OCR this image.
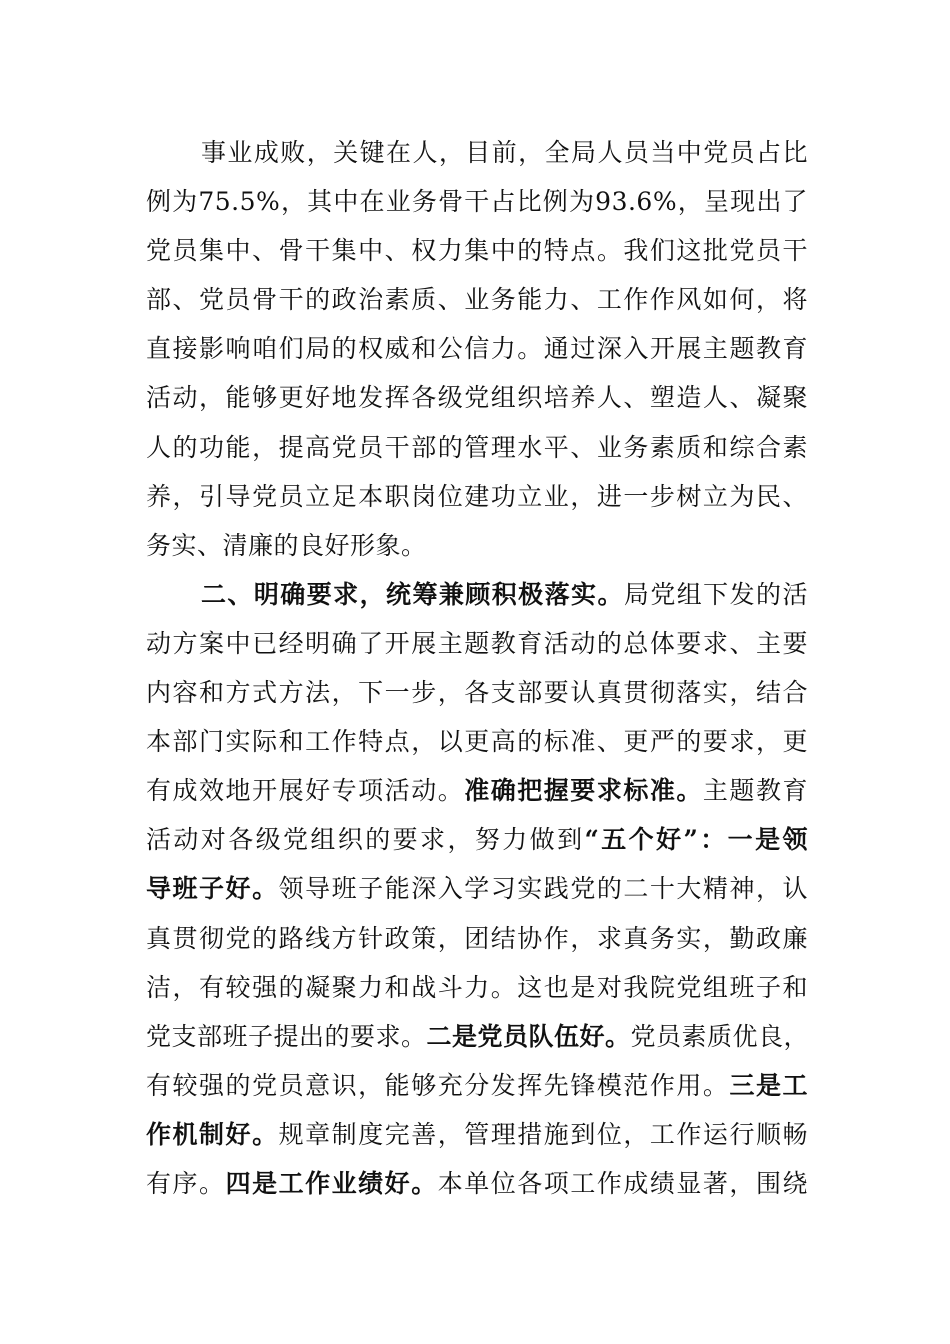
事业成败，关键在人，目前，全局人员当中党员占比
例为75.5%，其中在业务骨干占比例为93.6%，呈现出了
党员集中、骨干集中、权力集中的特点。我们这批党员干
部、党员骨干的政治素质、业务能力、工作作风如何，将
直接影响咱们局的权威和公信力。通过深入开展主题教育
活动，能够更好地发挥各级党组织培养人、塑造人、凝聚
人的功能，提高党员干部的管理水平、业务素质和综合素
养，引导党员立足本职岗位建功立业，进一步树立为民、
务实、清廉的良好形象。
二、明确要求，统筹兼顾积极落实。局党组下发的活
动方案中已经明确了开展主题教育活动的总体要求、主要
内容和方式方法，下一步，各支部要认真贯彻落实，结合
本部门实际和工作特点，以更高的标准、更严的要求，更
有成效地开展好专项活动。准确把握要求标准。主题教育
活动对各级党组织的要求，努力做到“五个好”：一是领
导班子好。领导班子能深入学习实践党的二十大精神，认
真贯彻党的路线方针政策，团结协作，求真务实，勤政廉
洁，有较强的凝聚力和战斗力。这也是对我院党组班子和
党支部班子提出的要求。二是党员队伍好。党员素质优良，
有较强的党员意识，能够充分发挥先锋模范作用。三是工
作机制好。规章制度完善，管理措施到位，工作运行顺畅
有序。四是工作业绩好。本单位各项工作成绩显著，围绕
